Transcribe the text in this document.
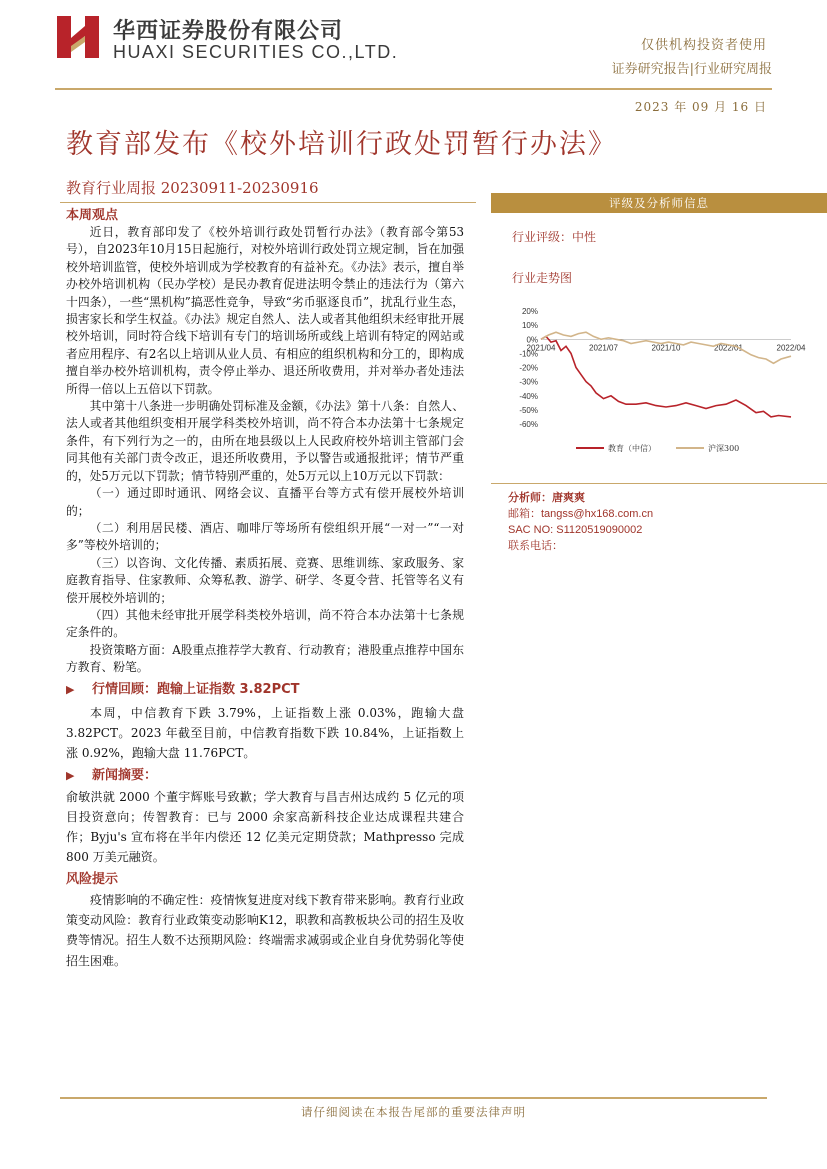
华西证券股份有限公司
HUAXI SECURITIES CO.,LTD.	仅供机构投资者使用
证券研究报告|行业研究周报
2023 年 09 月 16 日
教育部发布《校外培训行政处罚暂行办法》
教育行业周报 20230911-20230916
本周观点

近日，教育部印发了《校外培训行政处罚暂行办法》（教育部令第53号），自2023年10月15日起施行，对校外培训行政处罚立规定制，旨在加强校外培训监管，使校外培训成为学校教育的有益补充。《办法》表示，擅自举办校外培训机构（民办学校）是民办教育促进法明令禁止的违法行为（第六十四条），一些“黑机构”搞恶性竞争，导致“劣币驱逐良币”，扰乱行业生态，损害家长和学生权益。《办法》规定自然人、法人或者其他组织未经审批开展校外培训，同时符合线下培训有专门的培训场所或线上培训有特定的网站或者应用程序、有2名以上培训从业人员、有相应的组织机构和分工的，即构成擅自举办校外培训机构，责令停止举办、退还所收费用，并对举办者处违法所得一倍以上五倍以下罚款。

其中第十八条进一步明确处罚标准及金额，《办法》第十八条：自然人、法人或者其他组织变相开展学科类校外培训，尚不符合本办法第十七条规定条件，有下列行为之一的，由所在地县级以上人民政府校外培训主管部门会同其他有关部门责令改正，退还所收费用，予以警告或通报批评；情节严重的，处5万元以下罚款；情节特别严重的，处5万元以上10万元以下罚款：

（一）通过即时通讯、网络会议、直播平台等方式有偿开展校外培训的；

（二）利用居民楼、酒店、咖啡厅等场所有偿组织开展“一对一”“一对多”等校外培训的；

（三）以咨询、文化传播、素质拓展、竞赛、思维训练、家政服务、家庭教育指导、住家教师、众筹私教、游学、研学、冬夏令营、托管等名义有偿开展校外培训的；

（四）其他未经审批开展学科类校外培训，尚不符合本办法第十七条规定条件的。

投资策略方面：A股重点推荐学大教育、行动教育；港股重点推荐中国东方教育、粉笔。

▶ 行情回顾：跑输上证指数 3.82PCT

本周，中信教育下跌 3.79%，上证指数上涨 0.03%，跑输大盘 3.82PCT。2023 年截至目前，中信教育指数下跌 10.84%，上证指数上涨 0.92%，跑输大盘 11.76PCT。

▶ 新闻摘要：

俞敏洪就 2000 个董宇辉账号致歉；学大教育与昌吉州达成约 5 亿元的项目投资意向；传智教育：已与 2000 余家高新科技企业达成课程共建合作；Byju's 宣布将在半年内偿还 12 亿美元定期贷款；Mathpresso 完成 800 万美元融资。

风险提示

疫情影响的不确定性：疫情恢复进度对线下教育带来影响。教育行业政策变动风险：教育行业政策变动影响K12，职教和高教板块公司的招生及收费等情况。招生人数不达预期风险：终端需求减弱或企业自身优势弱化等使招生困难。

评级及分析师信息
行业评级：中性
行业走势图
20%
10%
0%
-10%
-20%
-30%
-40%
-50%
-60%
2021/04	2021/07	2021/10	2022/01	2022/04
教育（中信）	沪深300
分析师：唐爽爽
邮箱：tangss@hx168.com.cn
SAC NO: S1120519090002
联系电话：
请仔细阅读在本报告尾部的重要法律声明
